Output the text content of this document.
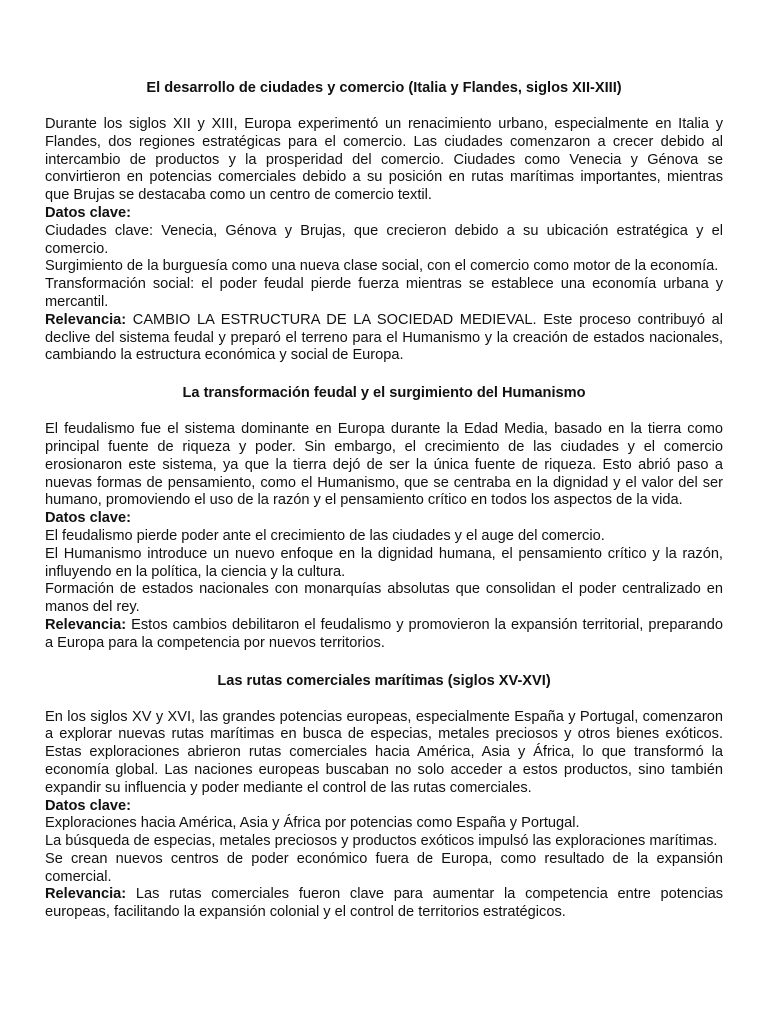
El desarrollo de ciudades y comercio (Italia y Flandes, siglos XII-XIII)

Durante los siglos XII y XIII, Europa experimentó un renacimiento urbano, especialmente en Italia y Flandes, dos regiones estratégicas para el comercio. Las ciudades comenzaron a crecer debido al intercambio de productos y la prosperidad del comercio. Ciudades como Venecia y Génova se convirtieron en potencias comerciales debido a su posición en rutas marítimas importantes, mientras que Brujas se destacaba como un centro de comercio textil.

Datos clave:

Ciudades clave: Venecia, Génova y Brujas, que crecieron debido a su ubicación estratégica y el comercio.

Surgimiento de la burguesía como una nueva clase social, con el comercio como motor de la economía.

Transformación social: el poder feudal pierde fuerza mientras se establece una economía urbana y mercantil.

Relevancia: CAMBIO LA ESTRUCTURA DE LA SOCIEDAD MEDIEVAL. Este proceso contribuyó al declive del sistema feudal y preparó el terreno para el Humanismo y la creación de estados nacionales, cambiando la estructura económica y social de Europa.

La transformación feudal y el surgimiento del Humanismo

El feudalismo fue el sistema dominante en Europa durante la Edad Media, basado en la tierra como principal fuente de riqueza y poder. Sin embargo, el crecimiento de las ciudades y el comercio erosionaron este sistema, ya que la tierra dejó de ser la única fuente de riqueza. Esto abrió paso a nuevas formas de pensamiento, como el Humanismo, que se centraba en la dignidad y el valor del ser humano, promoviendo el uso de la razón y el pensamiento crítico en todos los aspectos de la vida.

Datos clave:

El feudalismo pierde poder ante el crecimiento de las ciudades y el auge del comercio.

El Humanismo introduce un nuevo enfoque en la dignidad humana, el pensamiento crítico y la razón, influyendo en la política, la ciencia y la cultura.

Formación de estados nacionales con monarquías absolutas que consolidan el poder centralizado en manos del rey.

Relevancia: Estos cambios debilitaron el feudalismo y promovieron la expansión territorial, preparando a Europa para la competencia por nuevos territorios.

Las rutas comerciales marítimas (siglos XV-XVI)

En los siglos XV y XVI, las grandes potencias europeas, especialmente España y Portugal, comenzaron a explorar nuevas rutas marítimas en busca de especias, metales preciosos y otros bienes exóticos. Estas exploraciones abrieron rutas comerciales hacia América, Asia y África, lo que transformó la economía global. Las naciones europeas buscaban no solo acceder a estos productos, sino también expandir su influencia y poder mediante el control de las rutas comerciales.

Datos clave:

Exploraciones hacia América, Asia y África por potencias como España y Portugal.

La búsqueda de especias, metales preciosos y productos exóticos impulsó las exploraciones marítimas.

Se crean nuevos centros de poder económico fuera de Europa, como resultado de la expansión comercial.

Relevancia: Las rutas comerciales fueron clave para aumentar la competencia entre potencias europeas, facilitando la expansión colonial y el control de territorios estratégicos.
